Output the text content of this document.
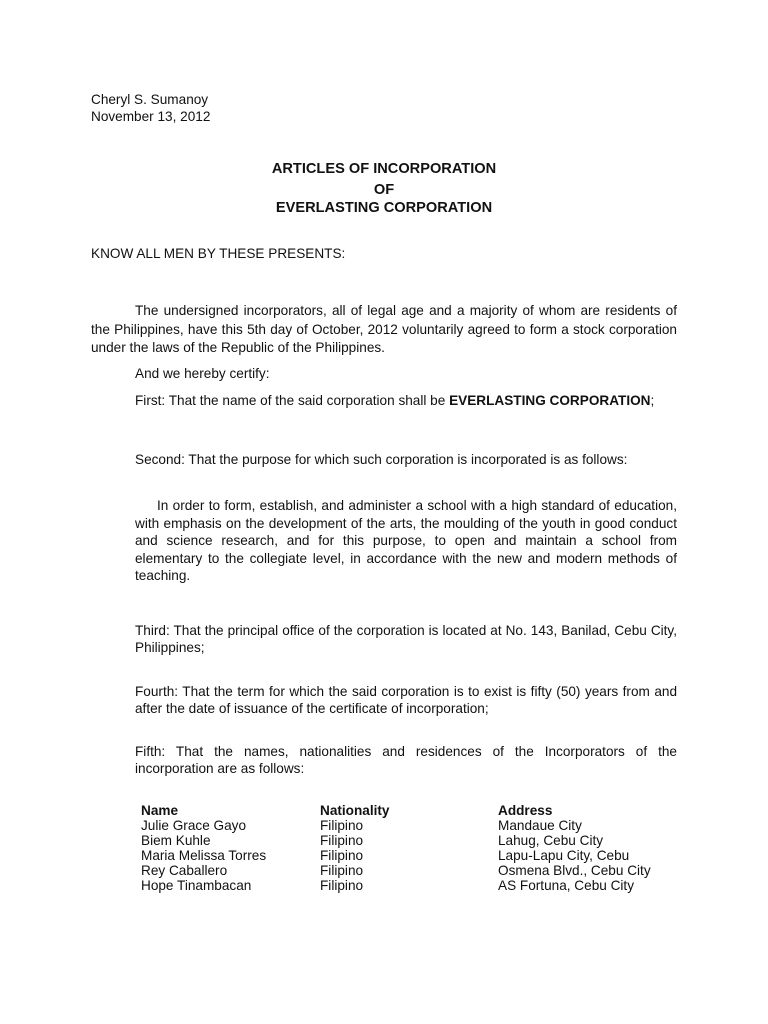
Cheryl S. Sumanoy
November 13, 2012
ARTICLES OF INCORPORATION
OF
EVERLASTING CORPORATION
KNOW ALL MEN BY THESE PRESENTS:
The undersigned incorporators, all of legal age and a majority of whom are residents of the Philippines, have this 5th day of October, 2012 voluntarily agreed to form a stock corporation under the laws of the Republic of the Philippines.
And we hereby certify:
First: That the name of the said corporation shall be EVERLASTING CORPORATION;
Second: That the purpose for which such corporation is incorporated is as follows:
In order to form, establish, and administer a school with a high standard of education, with emphasis on the development of the arts, the moulding of the youth in good conduct and science research, and for this purpose, to open and maintain a school from elementary to the collegiate level, in accordance with the new and modern methods of teaching.
Third: That the principal office of the corporation is located at No. 143, Banilad, Cebu City, Philippines;
Fourth: That the term for which the said corporation is to exist is fifty (50) years from and after the date of issuance of the certificate of incorporation;
Fifth: That the names, nationalities and residences of the Incorporators of the incorporation are as follows:
Name	Nationality	Address
Julie Grace Gayo	Filipino	Mandaue City
Biem Kuhle	Filipino	Lahug, Cebu City
Maria Melissa Torres	Filipino	Lapu-Lapu City, Cebu
Rey Caballero	Filipino	Osmena Blvd., Cebu City

Hope Tinambacan	Filipino	AS Fortuna, Cebu City
